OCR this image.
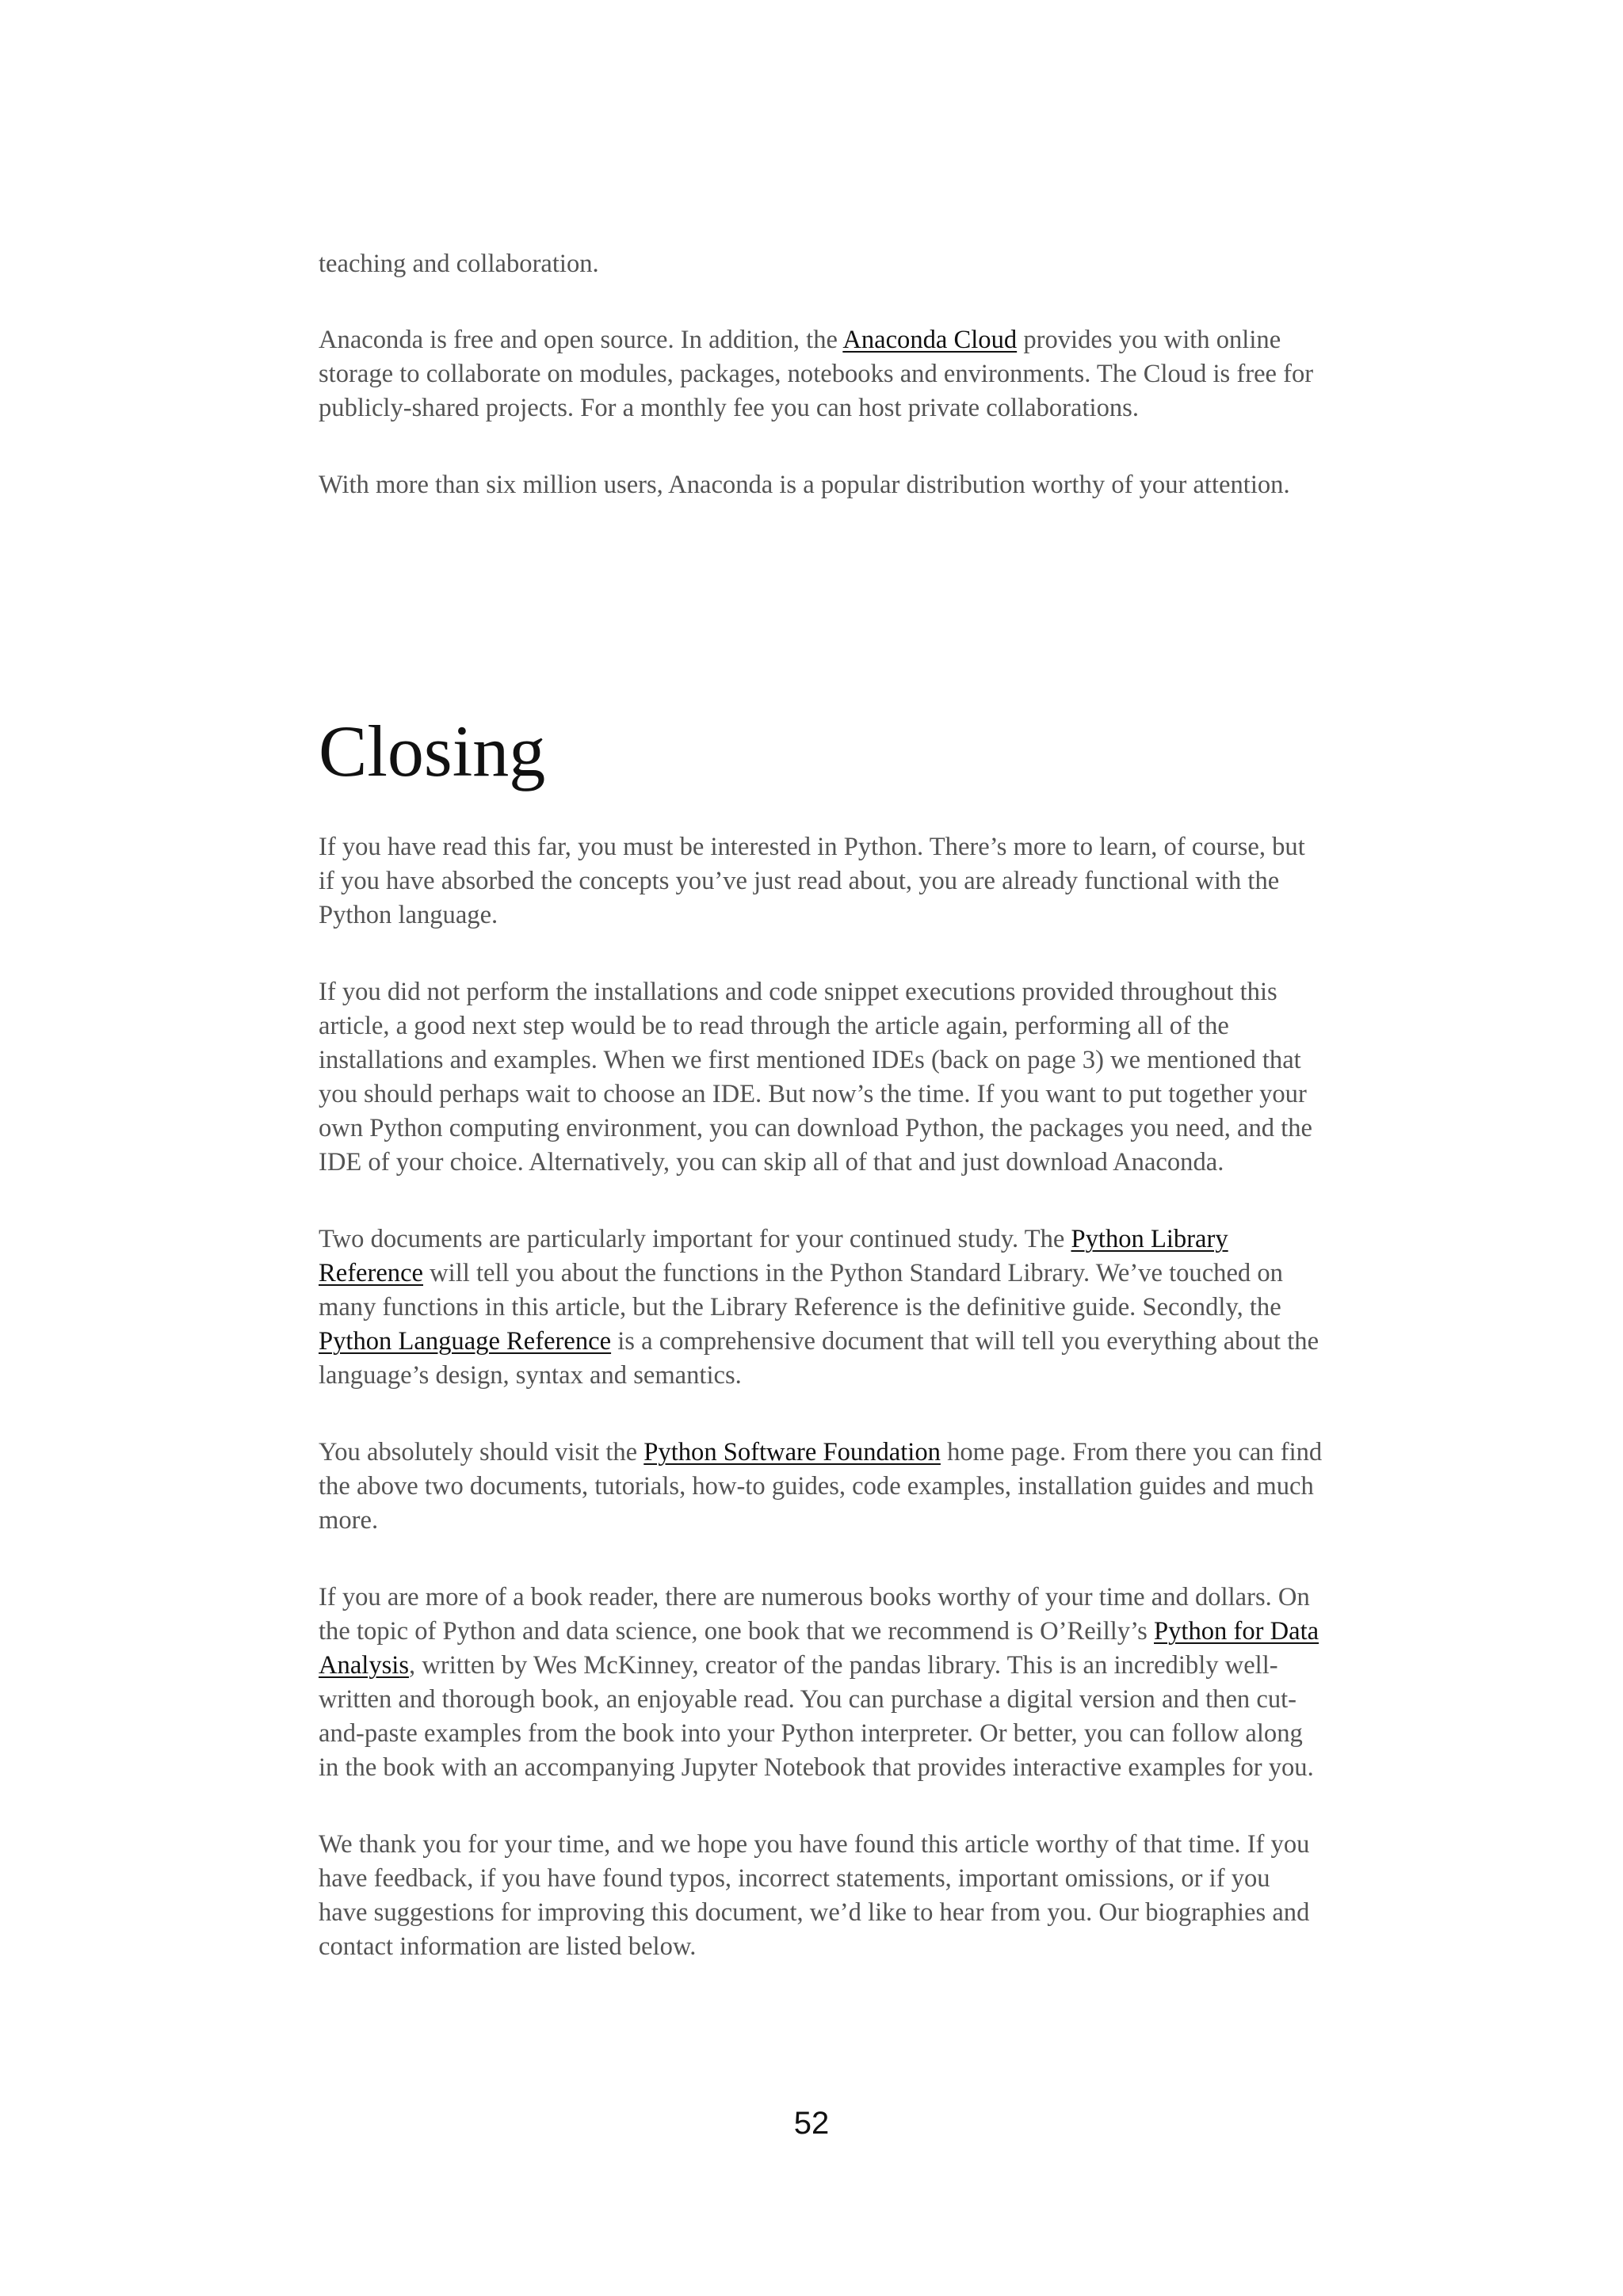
teaching and collaboration.

Anaconda is free and open source. In addition, the Anaconda Cloud provides you with online storage to collaborate on modules, packages, notebooks and environments. The Cloud is free for publicly-shared projects. For a monthly fee you can host private collaborations.

With more than six million users, Anaconda is a popular distribution worthy of your attention.

Closing

If you have read this far, you must be interested in Python. There’s more to learn, of course, but if you have absorbed the concepts you’ve just read about, you are already functional with the Python language.

If you did not perform the installations and code snippet executions provided throughout this article, a good next step would be to read through the article again, performing all of the installations and examples. When we first mentioned IDEs (back on page 3) we mentioned that you should perhaps wait to choose an IDE. But now’s the time. If you want to put together your own Python computing environment, you can download Python, the packages you need, and the IDE of your choice. Alternatively, you can skip all of that and just download Anaconda.

Two documents are particularly important for your continued study. The Python Library Reference will tell you about the functions in the Python Standard Library. We’ve touched on many functions in this article, but the Library Reference is the definitive guide. Secondly, the Python Language Reference is a comprehensive document that will tell you everything about the language’s design, syntax and semantics.

You absolutely should visit the Python Software Foundation home page. From there you can find the above two documents, tutorials, how-to guides, code examples, installation guides and much more.

If you are more of a book reader, there are numerous books worthy of your time and dollars. On the topic of Python and data science, one book that we recommend is O’Reilly’s Python for Data Analysis, written by Wes McKinney, creator of the pandas library. This is an incredibly well-written and thorough book, an enjoyable read. You can purchase a digital version and then cut-and-paste examples from the book into your Python interpreter. Or better, you can follow along in the book with an accompanying Jupyter Notebook that provides interactive examples for you.

We thank you for your time, and we hope you have found this article worthy of that time. If you have feedback, if you have found typos, incorrect statements, important omissions, or if you have suggestions for improving this document, we’d like to hear from you. Our biographies and contact information are listed below.

52
